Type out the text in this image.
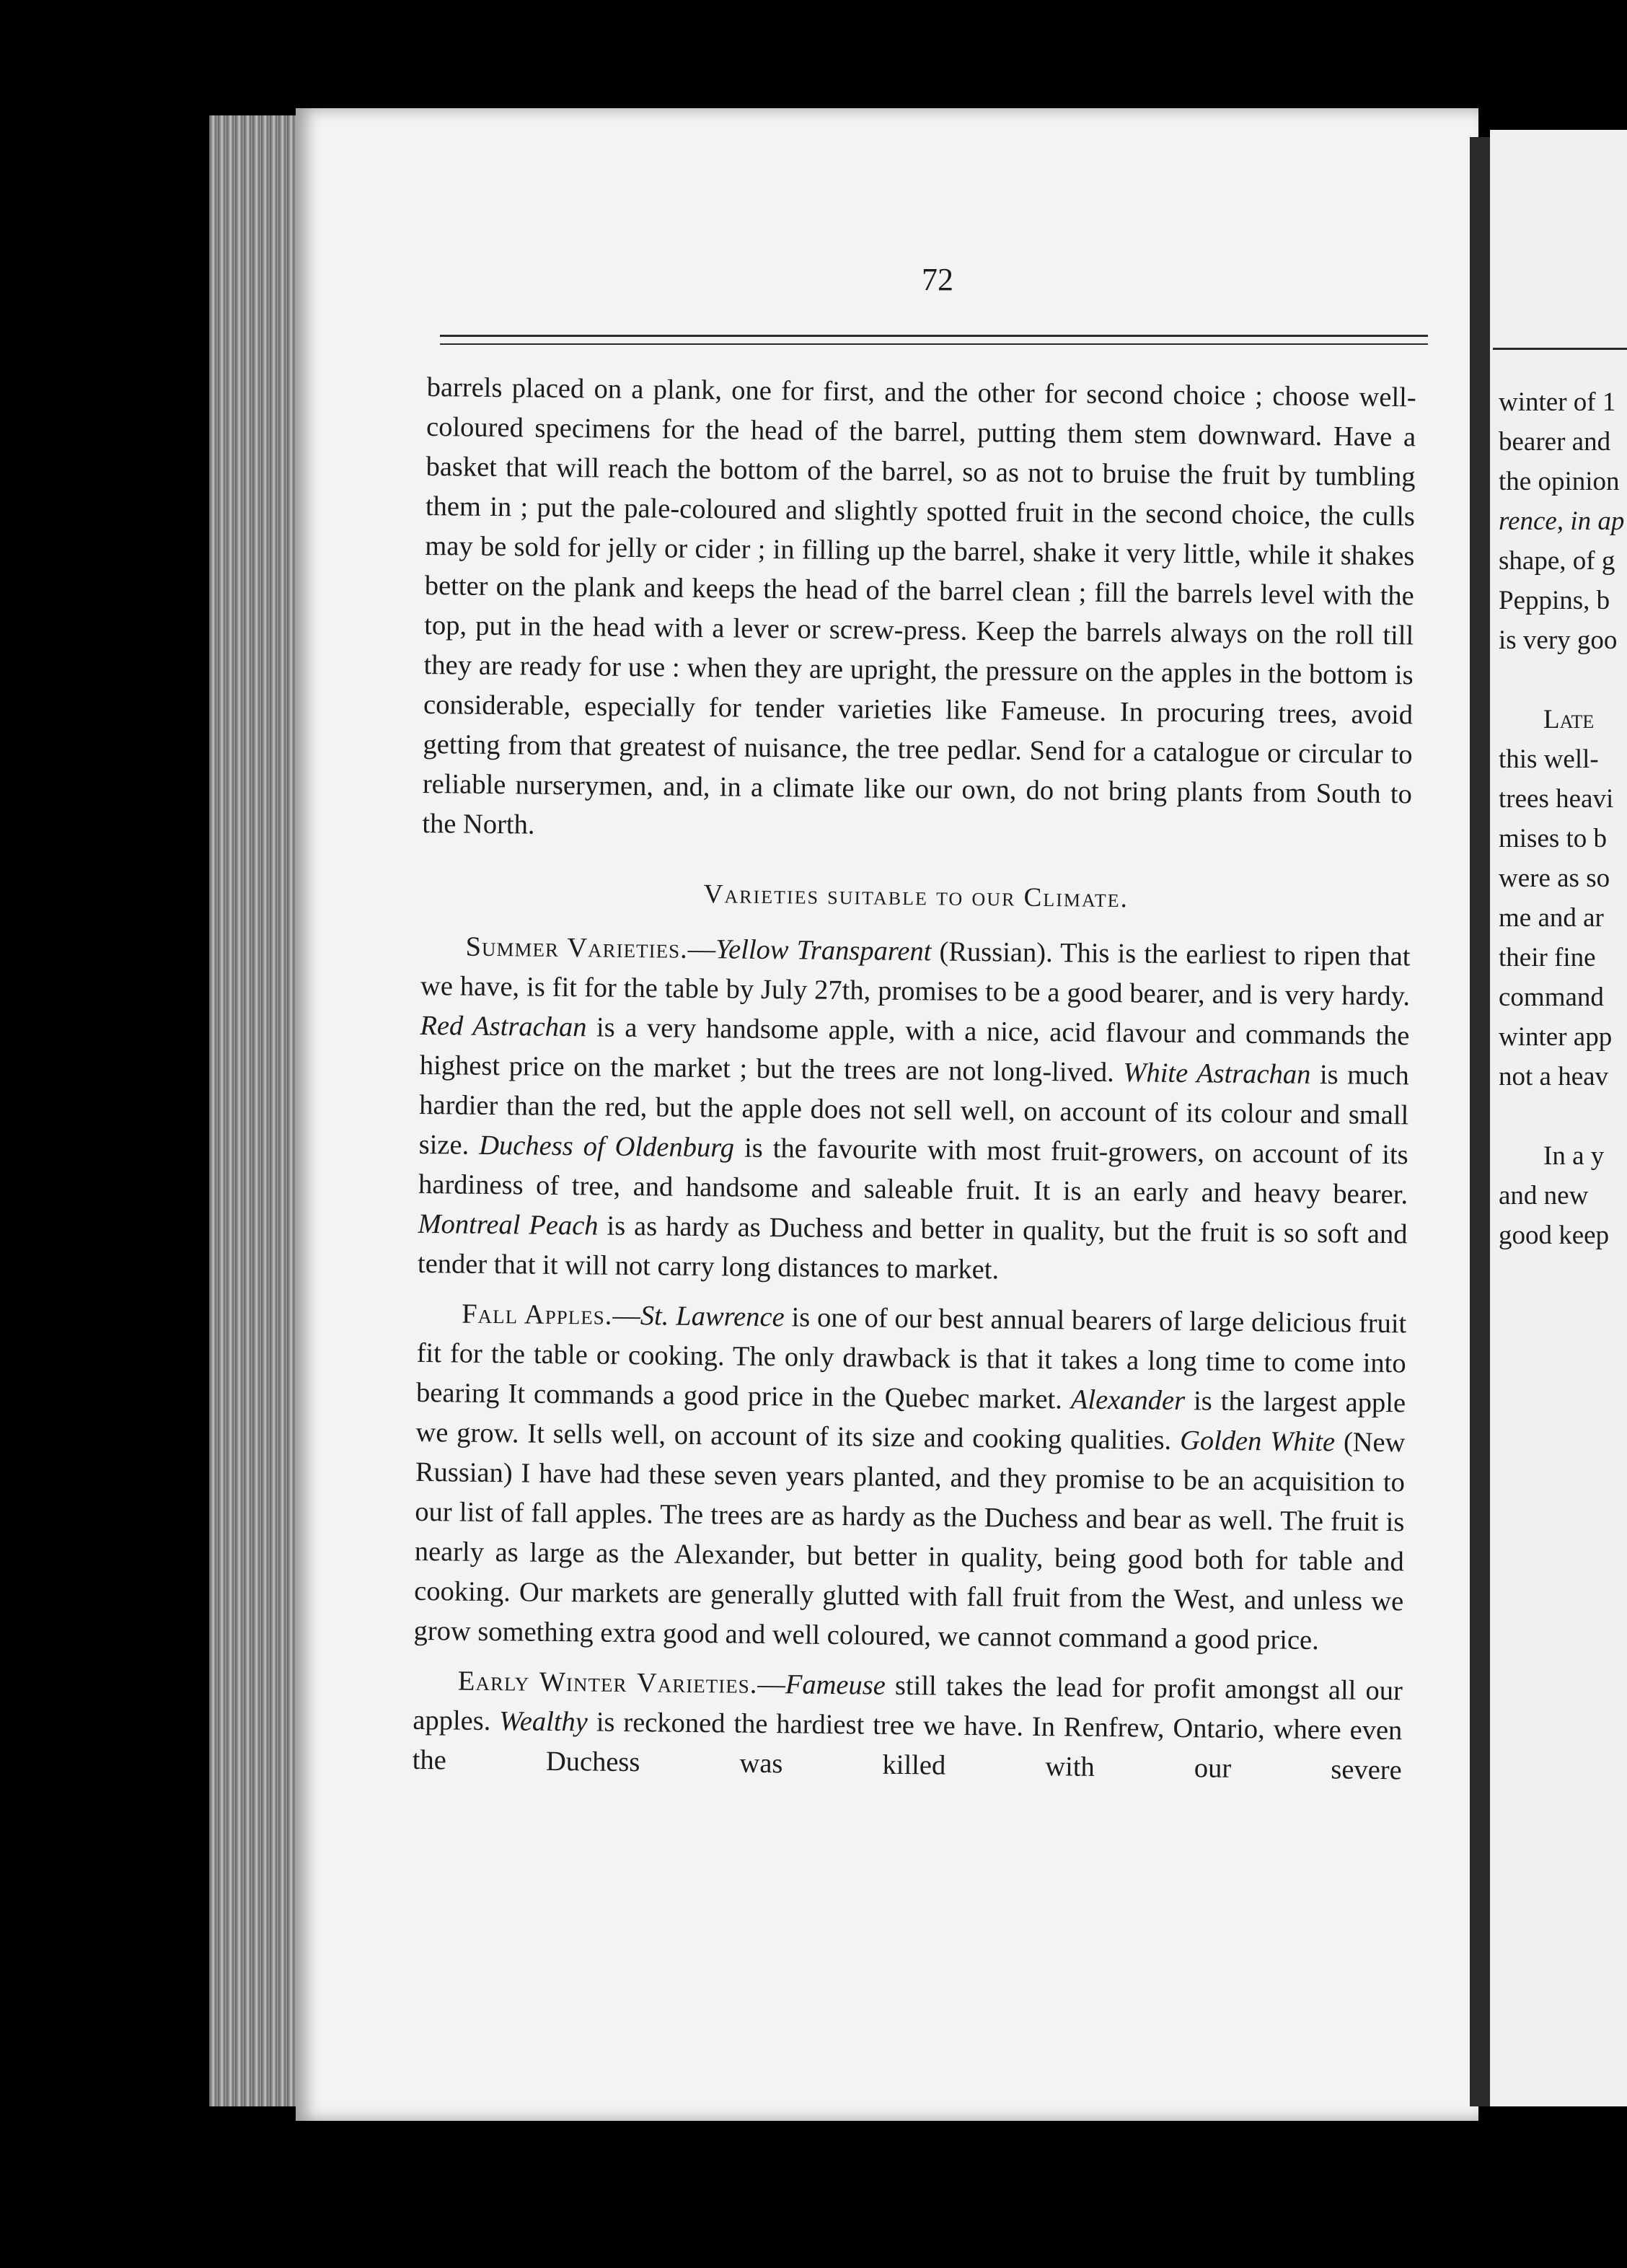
72

barrels placed on a plank, one for first, and the other for second choice ; choose well-coloured specimens for the head of the barrel, putting them stem downward. Have a basket that will reach the bottom of the barrel, so as not to bruise the fruit by tumbling them in ; put the pale-coloured and slightly spotted fruit in the second choice, the culls may be sold for jelly or cider ; in filling up the barrel, shake it very little, while it shakes better on the plank and keeps the head of the barrel clean ; fill the barrels level with the top, put in the head with a lever or screw-press. Keep the barrels always on the roll till they are ready for use : when they are upright, the pressure on the apples in the bottom is considerable, especially for tender varieties like Fameuse. In procuring trees, avoid getting from that greatest of nuisance, the tree pedlar. Send for a catalogue or circular to reliable nurserymen, and, in a climate like our own, do not bring plants from South to the North.

Varieties suitable to our Climate.

Summer Varieties.—Yellow Transparent (Russian). This is the earliest to ripen that we have, is fit for the table by July 27th, promises to be a good bearer, and is very hardy. Red Astrachan is a very handsome apple, with a nice, acid flavour and commands the highest price on the market ; but the trees are not long-lived. White Astrachan is much hardier than the red, but the apple does not sell well, on account of its colour and small size. Duchess of Oldenburg is the favourite with most fruit-growers, on account of its hardiness of tree, and handsome and saleable fruit. It is an early and heavy bearer. Montreal Peach is as hardy as Duchess and better in quality, but the fruit is so soft and tender that it will not carry long distances to market.

Fall Apples.—St. Lawrence is one of our best annual bearers of large delicious fruit fit for the table or cooking. The only drawback is that it takes a long time to come into bearing It commands a good price in the Quebec market. Alexander is the largest apple we grow. It sells well, on account of its size and cooking qualities. Golden White (New Russian) I have had these seven years planted, and they promise to be an acquisition to our list of fall apples. The trees are as hardy as the Duchess and bear as well. The fruit is nearly as large as the Alexander, but better in quality, being good both for table and cooking. Our markets are generally glutted with fall fruit from the West, and unless we grow something extra good and well coloured, we cannot command a good price.

Early Winter Varieties.—Fameuse still takes the lead for profit amongst all our apples. Wealthy is reckoned the hardiest tree we have. In Renfrew, Ontario, where even the Duchess was killed with our severe

winter of 1
bearer and
the opinion
rence, in ap
shape, of g
Peppins, b
is very goo
Late
this well-
trees heavi
mises to b
were as so
me and ar
their fine
command
winter app
not a heav
In a y
and new
good keep
